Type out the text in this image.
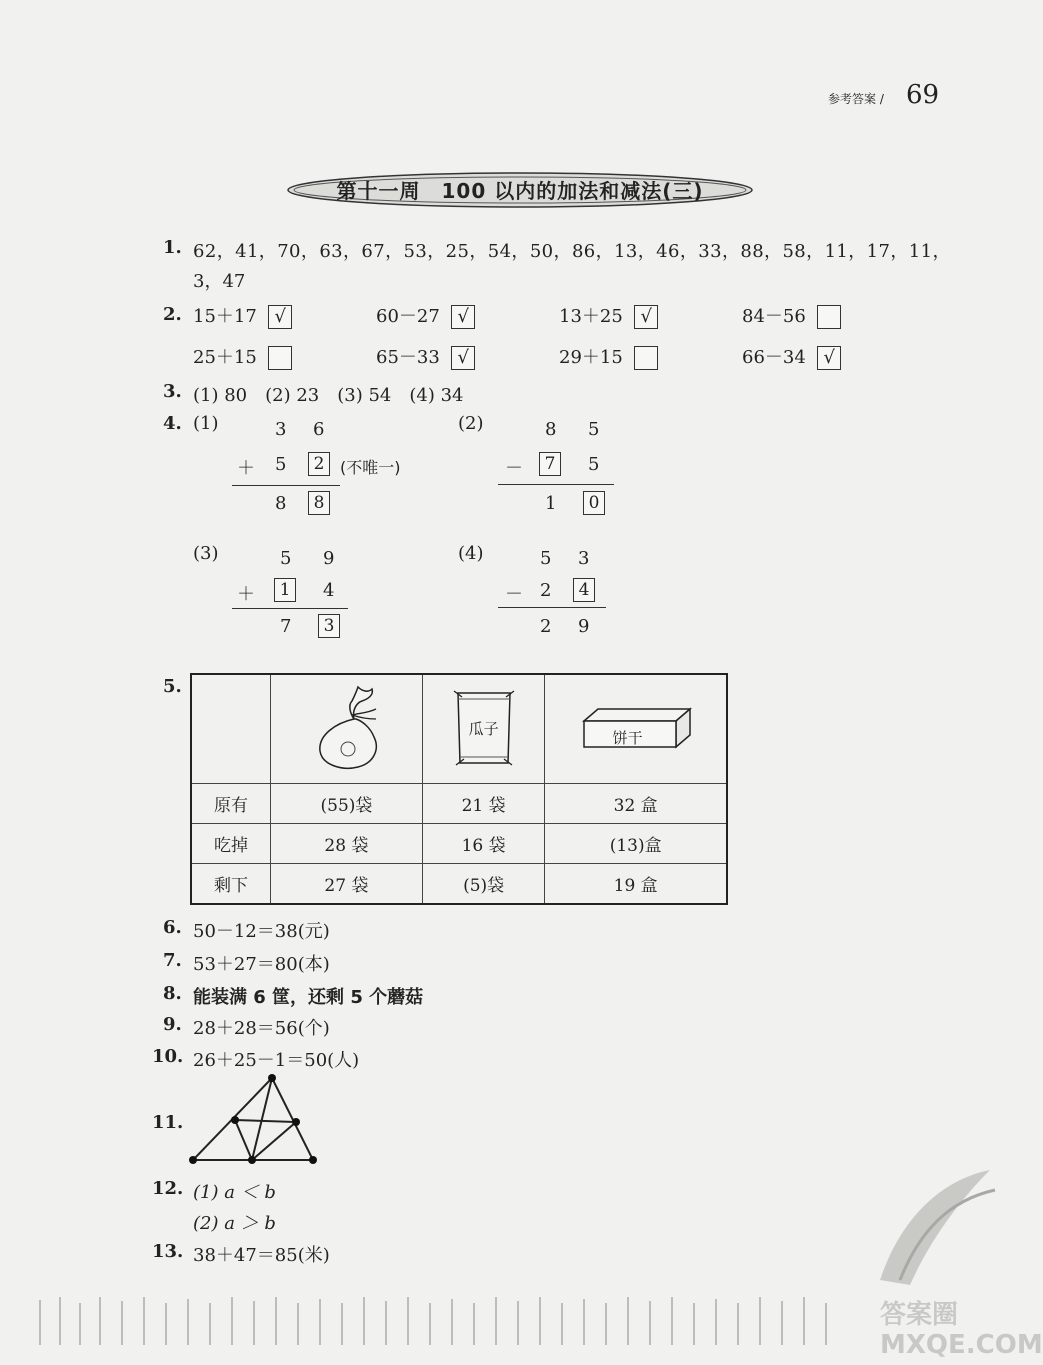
参考答案 / 69
第十一周　100 以内的加法和减法(三)
1. 62，41，70，63，67，53，25，54，50，86，13，46，33，88，58，11，17，11，
3，47
2. 15＋17 √	60－27 √	13＋25 √	84－56
25＋15	65－33 √	29＋15	66－34 √
3. (1) 80　(2) 23　(3) 54　(4) 34
4. (1)	3 6
＋ 5	2 (不唯一)
8	8
(2)	8 5
－	7	5
1	0
(3)	5 9
＋	1	4
7	3
(4)	5 3
－ 2	4
2 9
5.

原有	(55)袋	21 袋	32 盒
吃掉	28 袋	16 袋	(13)盒
剩下	27 袋	(5)袋	19 盒
6. 50－12＝38(元)
7. 53＋27＝80(本)
8. 能装满 6 筐，还剩 5 个蘑菇
9. 28＋28＝56(个)
10. 26＋25－1＝50(人)
11.
12. (1) a ＜ b
(2) a ＞ b
13. 38＋47＝85(米)
答案圈 MXQE.COM
